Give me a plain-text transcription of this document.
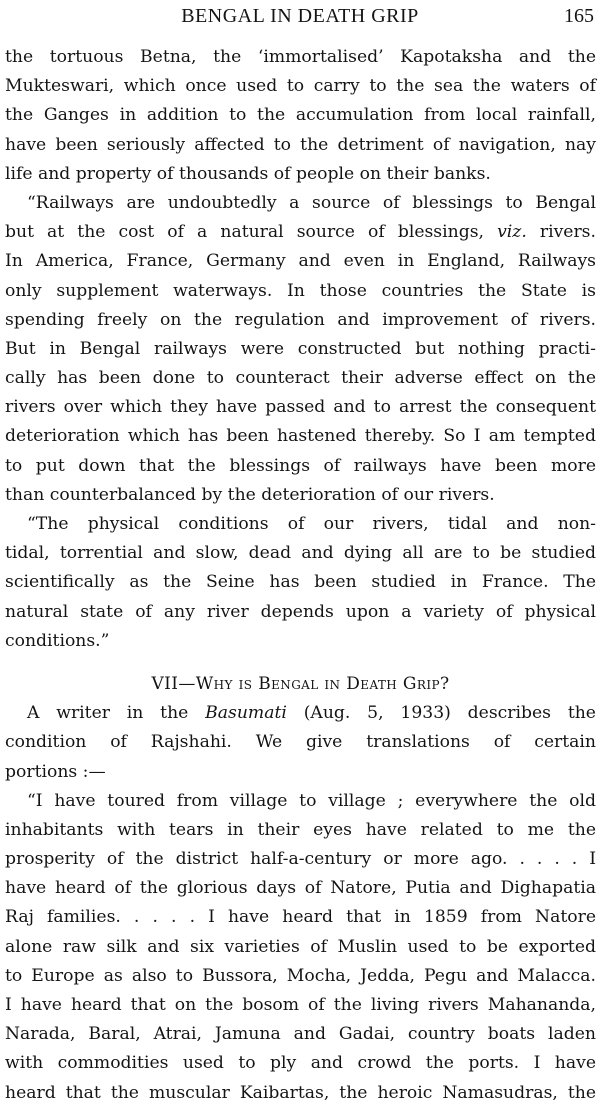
BENGAL IN DEATH GRIP	165
the tortuous Betna, the ‘immortalised’ Kapotaksha and the
Mukteswari, which once used to carry to the sea the waters of
the Ganges in addition to the accumulation from local rainfall,
have been seriously affected to the detriment of navigation, nay
life and property of thousands of people on their banks.
“Railways are undoubtedly a source of blessings to Bengal
but at the cost of a natural source of blessings, viz. rivers.
In America, France, Germany and even in England, Railways
only supplement waterways. In those countries the State is
spending freely on the regulation and improvement of rivers.
But in Bengal railways were constructed but nothing practi-
cally has been done to counteract their adverse effect on the
rivers over which they have passed and to arrest the consequent
deterioration which has been hastened thereby. So I am tempted
to put down that the blessings of railways have been more
than counterbalanced by the deterioration of our rivers.
“The physical conditions of our rivers, tidal and non-
tidal, torrential and slow, dead and dying all are to be studied
scientifically as the Seine has been studied in France. The
natural state of any river depends upon a variety of physical
conditions.”
VII—Why is Bengal in Death Grip?
A writer in the Basumati (Aug. 5, 1933) describes the
condition of Rajshahi. We give translations of certain
portions :—
“I have toured from village to village ; everywhere the old
inhabitants with tears in their eyes have related to me the
prosperity of the district half-a-century or more ago. . . . . I
have heard of the glorious days of Natore, Putia and Dighapatia
Raj families. . . . . I have heard that in 1859 from Natore
alone raw silk and six varieties of Muslin used to be exported
to Europe as also to Bussora, Mocha, Jedda, Pegu and Malacca.
I have heard that on the bosom of the living rivers Mahananda,
Narada, Baral, Atrai, Jamuna and Gadai, country boats laden
with commodities used to ply and crowd the ports. I have
heard that the muscular Kaibartas, the heroic Namasudras, the
